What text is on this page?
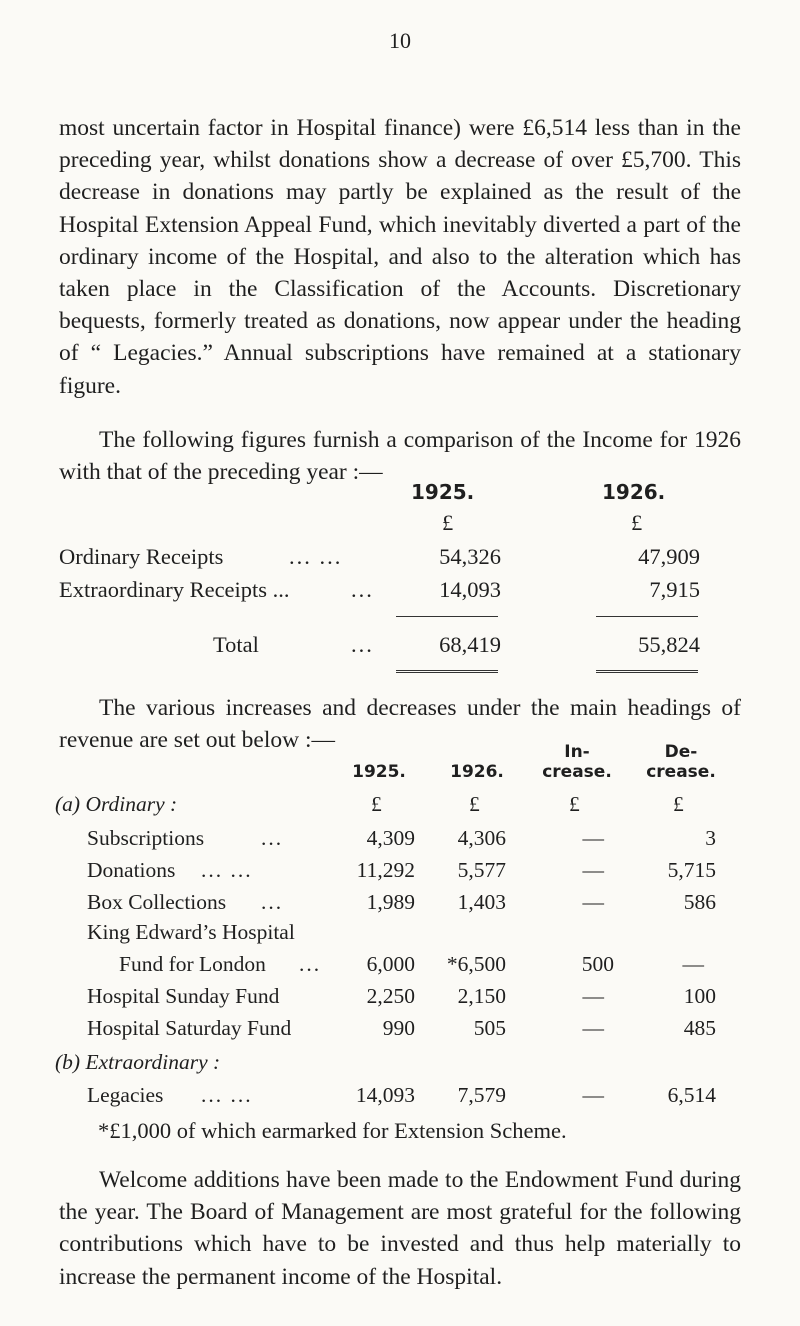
10

most uncertain factor in Hospital finance) were £6,514 less than in the preceding year, whilst donations show a decrease of over £5,700. This decrease in donations may partly be explained as the result of the Hospital Extension Appeal Fund, which inevitably diverted a part of the ordinary income of the Hospital, and also to the alteration which has taken place in the Classification of the Accounts. Discretionary bequests, formerly treated as donations, now appear under the heading of “ Legacies.” Annual subscriptions have remained at a stationary figure.

The following figures furnish a comparison of the Income for 1926 with that of the preceding year :—

1925.	1926.
£	£
Ordinary Receipts	... ...	54,326	47,909
Extraordinary Receipts ...	...	14,093	7,915
Total	...	68,419	55,824

The various increases and decreases under the main headings of revenue are set out below :—

1925.	1926.
In-
crease.
De-
crease.
(a) Ordinary :	£	£	£	£
Subscriptions	...	4,309 4,306	—	3
Donations ... ...	11,292 5,577	—	5,715
Box Collections ...	1,989 1,403	—	586
King Edward’s Hospital
Fund for London ... 6,000 *6,500	500	—
Hospital Sunday Fund	2,250 2,150	—	100
Hospital Saturday Fund	990	505	—	485
(b) Extraordinary :
Legacies ... ...	14,093 7,579	—	6,514
*£1,000 of which earmarked for Extension Scheme.

Welcome additions have been made to the Endowment Fund during the year. The Board of Management are most grateful for the following contributions which have to be invested and thus help materially to increase the permanent income of the Hospital.
